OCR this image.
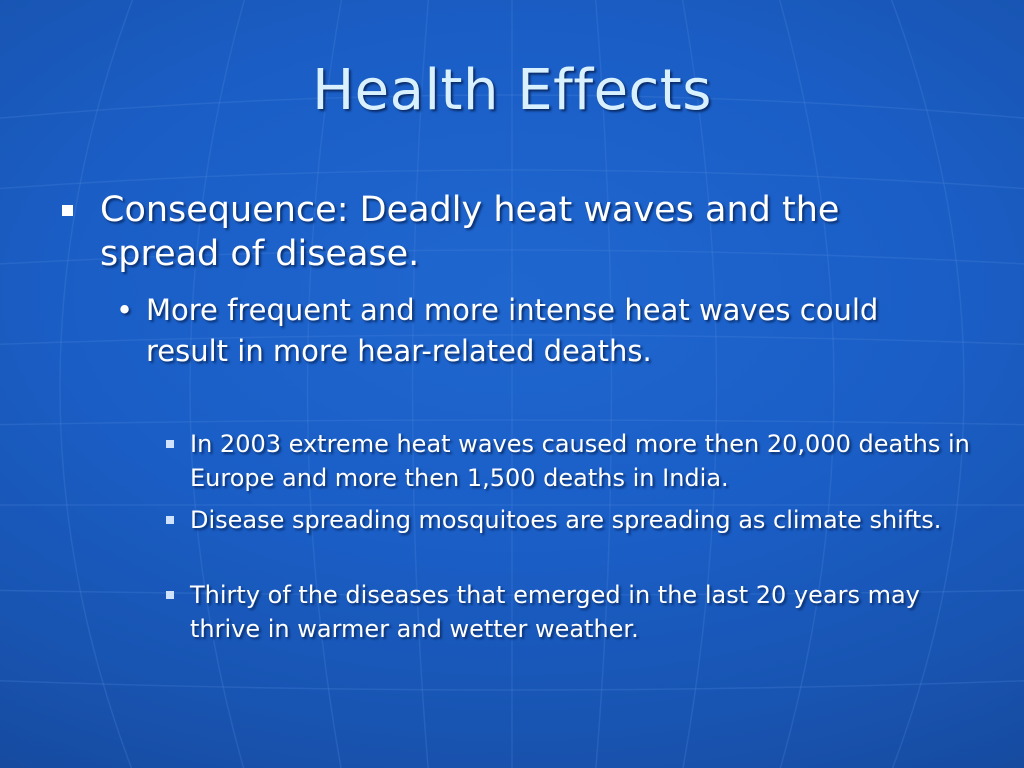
Health Effects
Consequence: Deadly heat waves and the spread of disease.
• More frequent and more intense heat waves could result in more hear-related deaths.
In 2003 extreme heat waves caused more then 20,000 deaths in Europe and more then 1,500 deaths in India.
Disease spreading mosquitoes are spreading as climate shifts.
Thirty of the diseases that emerged in the last 20 years may thrive in warmer and wetter weather.
